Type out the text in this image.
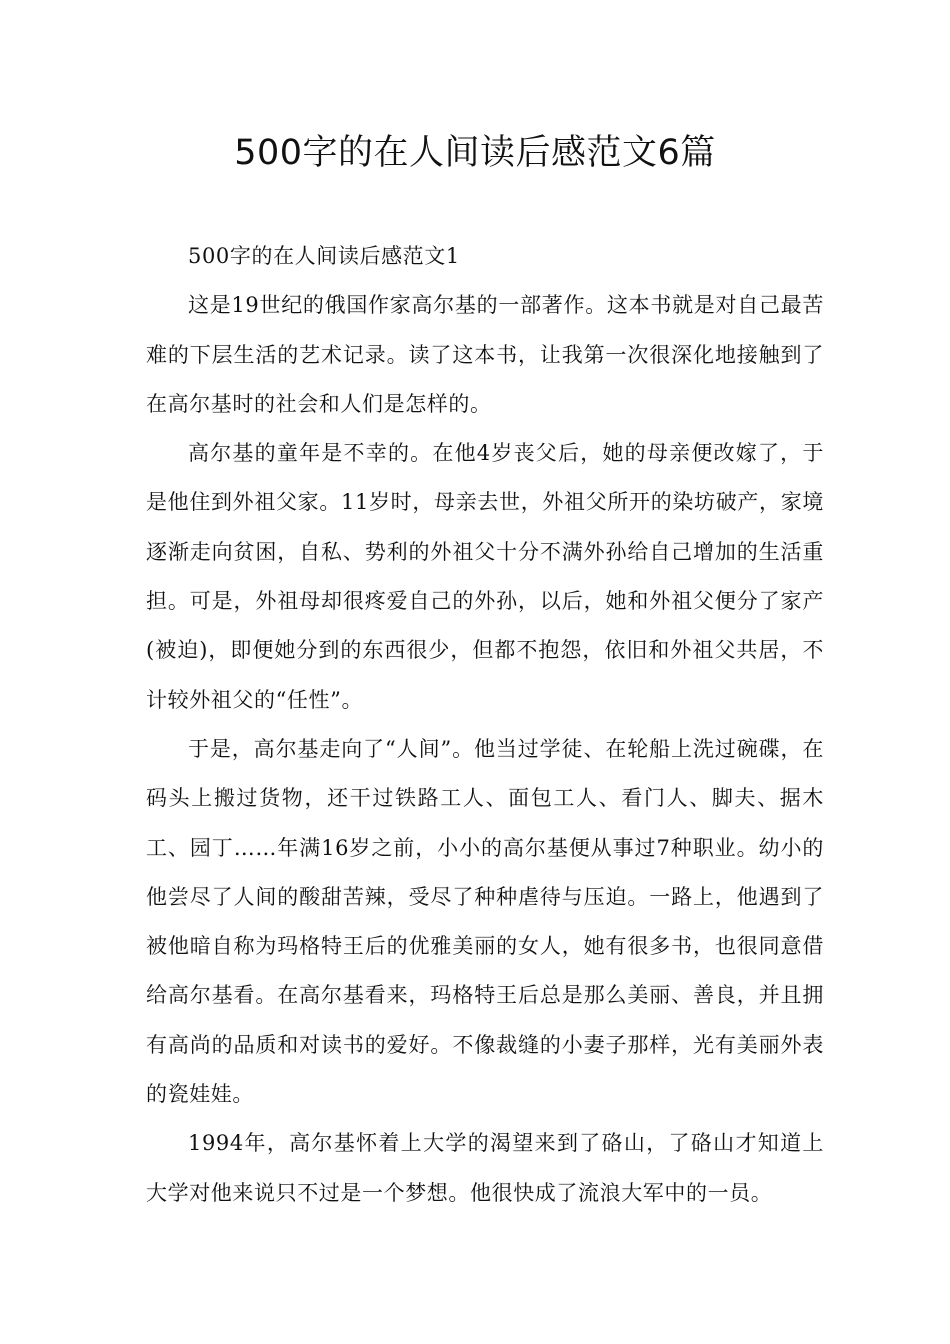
500字的在人间读后感范文6篇

500字的在人间读后感范文1

这是19世纪的俄国作家高尔基的一部著作。这本书就是对自己最苦难的下层生活的艺术记录。读了这本书，让我第一次很深化地接触到了在高尔基时的社会和人们是怎样的。

高尔基的童年是不幸的。在他4岁丧父后，她的母亲便改嫁了，于是他住到外祖父家。11岁时，母亲去世，外祖父所开的染坊破产，家境逐渐走向贫困，自私、势利的外祖父十分不满外孙给自己增加的生活重担。可是，外祖母却很疼爱自己的外孙，以后，她和外祖父便分了家产(被迫)，即便她分到的东西很少，但都不抱怨，依旧和外祖父共居，不计较外祖父的“任性”。

于是，高尔基走向了“人间”。他当过学徒、在轮船上洗过碗碟，在码头上搬过货物，还干过铁路工人、面包工人、看门人、脚夫、据木工、园丁……年满16岁之前，小小的高尔基便从事过7种职业。幼小的他尝尽了人间的酸甜苦辣，受尽了种种虐待与压迫。一路上，他遇到了被他暗自称为玛格特王后的优雅美丽的女人，她有很多书，也很同意借给高尔基看。在高尔基看来，玛格特王后总是那么美丽、善良，并且拥有高尚的品质和对读书的爱好。不像裁缝的小妻子那样，光有美丽外表的瓷娃娃。

1994年，高尔基怀着上大学的渴望来到了硌山，了硌山才知道上大学对他来说只不过是一个梦想。他很快成了流浪大军中的一员。
